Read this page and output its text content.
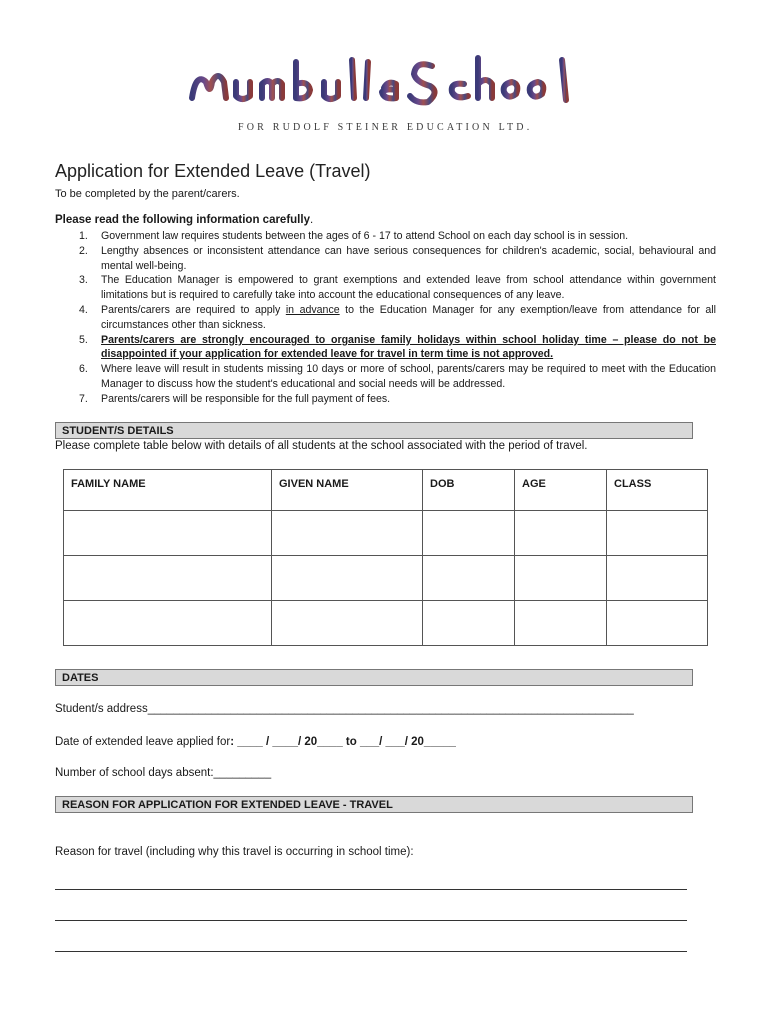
FOR RUDOLF STEINER EDUCATION LTD.
Application for Extended Leave (Travel)
To be completed by the parent/carers.
Please read the following information carefully.
1. Government law requires students between the ages of 6 - 17 to attend School on each day school is in session.
2. Lengthy absences or inconsistent attendance can have serious consequences for children's academic, social, behavioural and mental well-being.
3. The Education Manager is empowered to grant exemptions and extended leave from school attendance within government limitations but is required to carefully take into account the educational consequences of any leave.
4. Parents/carers are required to apply in advance to the Education Manager for any exemption/leave from attendance for all circumstances other than sickness.
5. Parents/carers are strongly encouraged to organise family holidays within school holiday time – please do not be disappointed if your application for extended leave for travel in term time is not approved.
6. Where leave will result in students missing 10 days or more of school, parents/carers may be required to meet with the Education Manager to discuss how the student's educational and social needs will be addressed.
7. Parents/carers will be responsible for the full payment of fees.
STUDENT/S DETAILS
Please complete table below with details of all students at the school associated with the period of travel.
FAMILY NAME	GIVEN NAME	DOB	AGE	CLASS

DATES
Student/s address____________________________________________________________________________
Date of extended leave applied for: ____ / ____/ 20____ to ___/ ___/ 20_____
Number of school days absent:_________
REASON FOR APPLICATION FOR EXTENDED LEAVE - TRAVEL
Reason for travel (including why this travel is occurring in school time):
